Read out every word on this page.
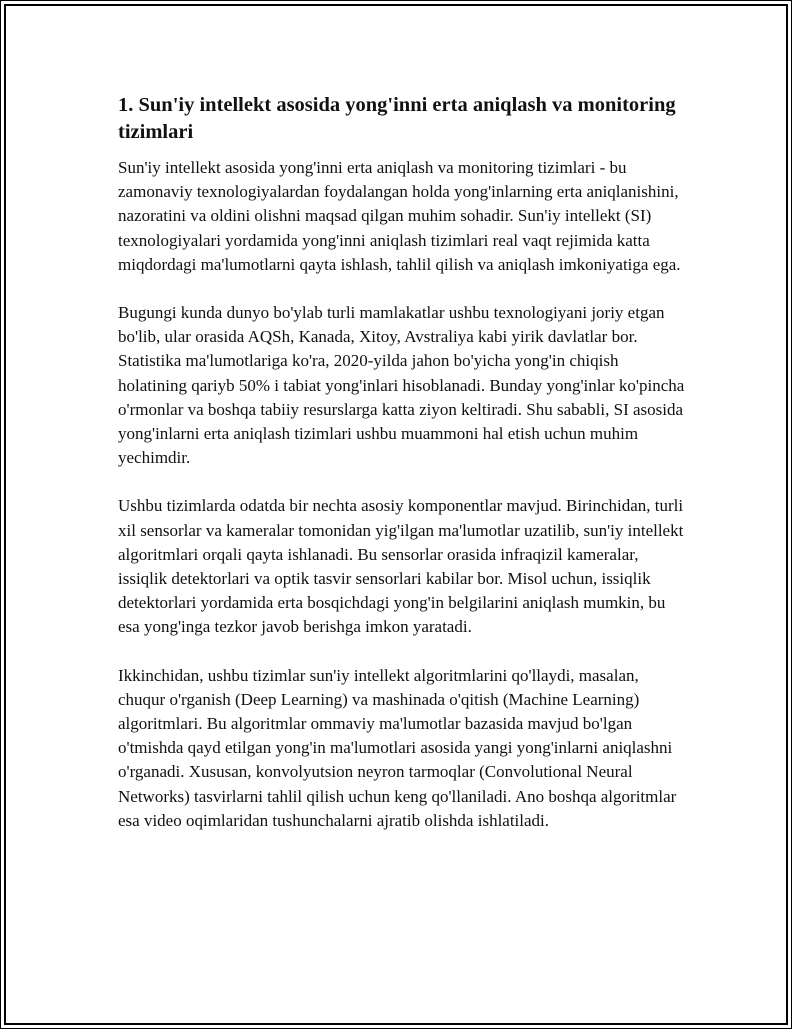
1. Sun'iy intellekt asosida yong'inni erta aniqlash va monitoring tizimlari

Sun'iy intellekt asosida yong'inni erta aniqlash va monitoring tizimlari - bu zamonaviy texnologiyalardan foydalangan holda yong'inlarning erta aniqlanishini, nazoratini va oldini olishni maqsad qilgan muhim sohadir. Sun'iy intellekt (SI) texnologiyalari yordamida yong'inni aniqlash tizimlari real vaqt rejimida katta miqdordagi ma'lumotlarni qayta ishlash, tahlil qilish va aniqlash imkoniyatiga ega.

Bugungi kunda dunyo bo'ylab turli mamlakatlar ushbu texnologiyani joriy etgan bo'lib, ular orasida AQSh, Kanada, Xitoy, Avstraliya kabi yirik davlatlar bor. Statistika ma'lumotlariga ko'ra, 2020-yilda jahon bo'yicha yong'in chiqish holatining qariyb 50% i tabiat yong'inlari hisoblanadi. Bunday yong'inlar ko'pincha o'rmonlar va boshqa tabiiy resurslarga katta ziyon keltiradi. Shu sababli, SI asosida yong'inlarni erta aniqlash tizimlari ushbu muammoni hal etish uchun muhim yechimdir.

Ushbu tizimlarda odatda bir nechta asosiy komponentlar mavjud. Birinchidan, turli xil sensorlar va kameralar tomonidan yig'ilgan ma'lumotlar uzatilib, sun'iy intellekt algoritmlari orqali qayta ishlanadi. Bu sensorlar orasida infraqizil kameralar, issiqlik detektorlari va optik tasvir sensorlari kabilar bor. Misol uchun, issiqlik detektorlari yordamida erta bosqichdagi yong'in belgilarini aniqlash mumkin, bu esa yong'inga tezkor javob berishga imkon yaratadi.

Ikkinchidan, ushbu tizimlar sun'iy intellekt algoritmlarini qo'llaydi, masalan, chuqur o'rganish (Deep Learning) va mashinada o'qitish (Machine Learning) algoritmlari. Bu algoritmlar ommaviy ma'lumotlar bazasida mavjud bo'lgan o'tmishda qayd etilgan yong'in ma'lumotlari asosida yangi yong'inlarni aniqlashni o'rganadi. Xususan, konvolyutsion neyron tarmoqlar (Convolutional Neural Networks) tasvirlarni tahlil qilish uchun keng qo'llaniladi. Ano boshqa algoritmlar esa video oqimlaridan tushunchalarni ajratib olishda ishlatiladi.
